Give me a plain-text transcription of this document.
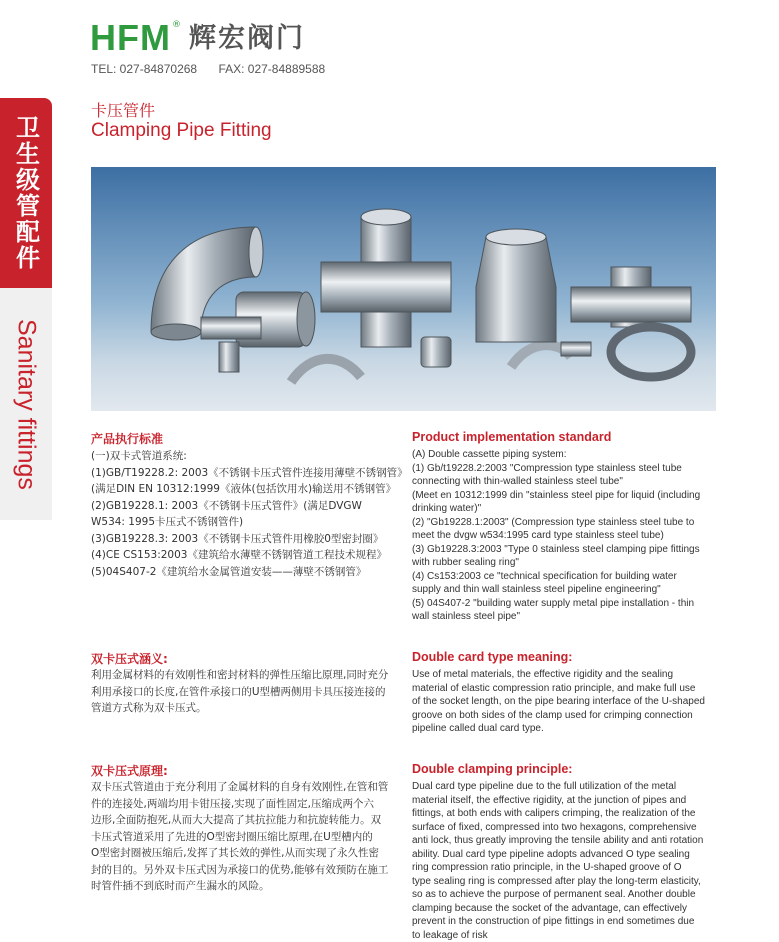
HFM ® 辉宏阀门
TEL: 027-84870268 FAX: 027-84889588
卫生级管配件
Sanitary fittings
卡压管件
Clamping Pipe Fitting
产品执行标准
(一)双卡式管道系统:
(1)GB/T19228.2: 2003《不锈钢卡压式管件连接用薄壁不锈钢管》
(满足DIN EN 10312:1999《液体(包括饮用水)输送用不锈钢管》
(2)GB19228.1: 2003《不锈钢卡压式管件》(满足DVGW
W534: 1995卡压式不锈钢管件)
(3)GB19228.3: 2003《不锈钢卡压式管件用橡胶0型密封圈》
(4)CE CS153:2003《建筑给水薄壁不锈钢管道工程技术规程》
(5)04S407-2《建筑给水金属管道安装——薄壁不锈钢管》
Product implementation standard
(A) Double cassette piping system:
(1) Gb/t19228.2:2003 "Compression type stainless steel tube
connecting with thin-walled stainless steel tube"
(Meet en 10312:1999 din "stainless steel pipe for liquid (including
drinking water)"
(2) "Gb19228.1:2003" (Compression type stainless steel tube to
meet the dvgw w534:1995 card type stainless steel tube)
(3) Gb19228.3:2003 "Type 0 stainless steel clamping pipe fittings
with rubber sealing ring"
(4) Cs153:2003 ce "technical specification for building water
supply and thin wall stainless steel pipeline engineering"
(5) 04S407-2 "building water supply metal pipe installation - thin
wall stainless steel pipe"
双卡压式涵义:
利用金属材料的有效刚性和密封材料的弹性压缩比原理,同时充分
利用承接口的长度,在管件承接口的U型槽两侧用卡具压接连接的
管道方式称为双卡压式。
Double card type meaning:
Use of metal materials, the effective rigidity and the sealing
material of elastic compression ratio principle, and make full use
of the socket length, on the pipe bearing interface of the U-shaped
groove on both sides of the clamp used for crimping connection
pipeline called dual card type.
双卡压式原理:
双卡压式管道由于充分利用了金属材料的自身有效刚性,在管和管
件的连接处,两端均用卡钳压接,实现了面性固定,压缩成两个六
边形,全面防抱死,从而大大提高了其抗拉能力和抗旋转能力。双
卡压式管道采用了先进的O型密封圈压缩比原理,在U型槽内的
O型密封圈被压缩后,发挥了其长效的弹性,从而实现了永久性密
封的目的。另外双卡压式因为承接口的优势,能够有效预防在施工
时管件插不到底时而产生漏水的风险。
Double clamping principle:
Dual card type pipeline due to the full utilization of the metal
material itself, the effective rigidity, at the junction of pipes and
fittings, at both ends with calipers crimping, the realization of the
surface of fixed, compressed into two hexagons, comprehensive
anti lock, thus greatly improving the tensile ability and anti rotation
ability. Dual card type pipeline adopts advanced O type sealing
ring compression ratio principle, in the U-shaped groove of O
type sealing ring is compressed after play the long-term elasticity,
so as to achieve the purpose of permanent seal. Another double
clamping because the socket of the advantage, can effectively
prevent in the construction of pipe fittings in end sometimes due
to leakage of risk
